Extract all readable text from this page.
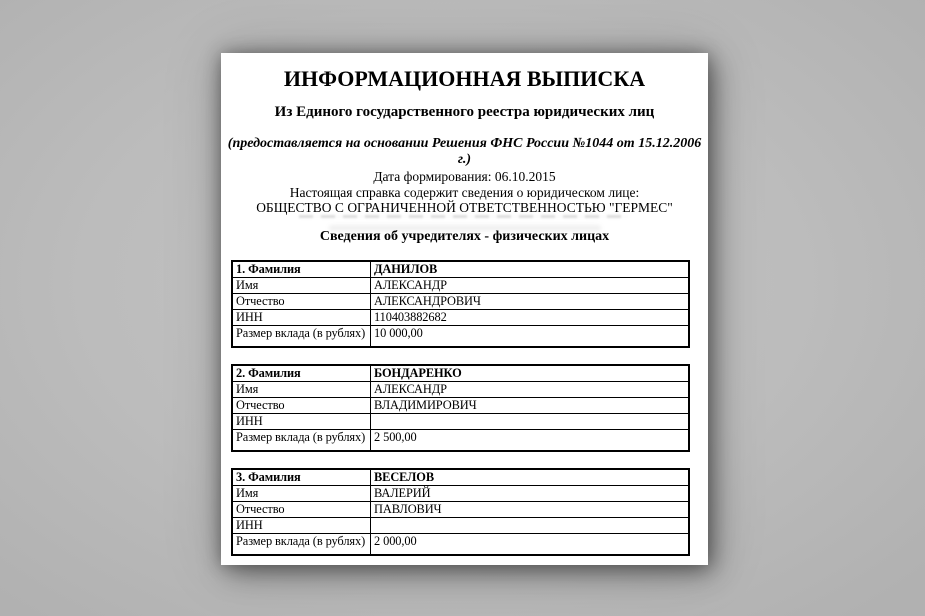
ИНФОРМАЦИОННАЯ ВЫПИСКА
Из Единого государственного реестра юридических лиц
(предоставляется на основании Решения ФНС России №1044 от 15.12.2006 г.)
Дата формирования: 06.10.2015
Настоящая справка содержит сведения о юридическом лице:
ОБЩЕСТВО С ОГРАНИЧЕННОЙ ОТВЕТСТВЕННОСТЬЮ "ГЕРМЕС"
Сведения об учредителях - физических лицах
1. Фамилия	ДАНИЛОВ
Имя	АЛЕКСАНДР
Отчество	АЛЕКСАНДРОВИЧ
ИНН	110403882682
Размер вклада (в рублях)	10 000,00
2. Фамилия	БОНДАРЕНКО
Имя	АЛЕКСАНДР
Отчество	ВЛАДИМИРОВИЧ
ИНН	
Размер вклада (в рублях)	2 500,00
3. Фамилия	ВЕСЕЛОВ
Имя	ВАЛЕРИЙ
Отчество	ПАВЛОВИЧ
ИНН	
Размер вклада (в рублях)	2 000,00
